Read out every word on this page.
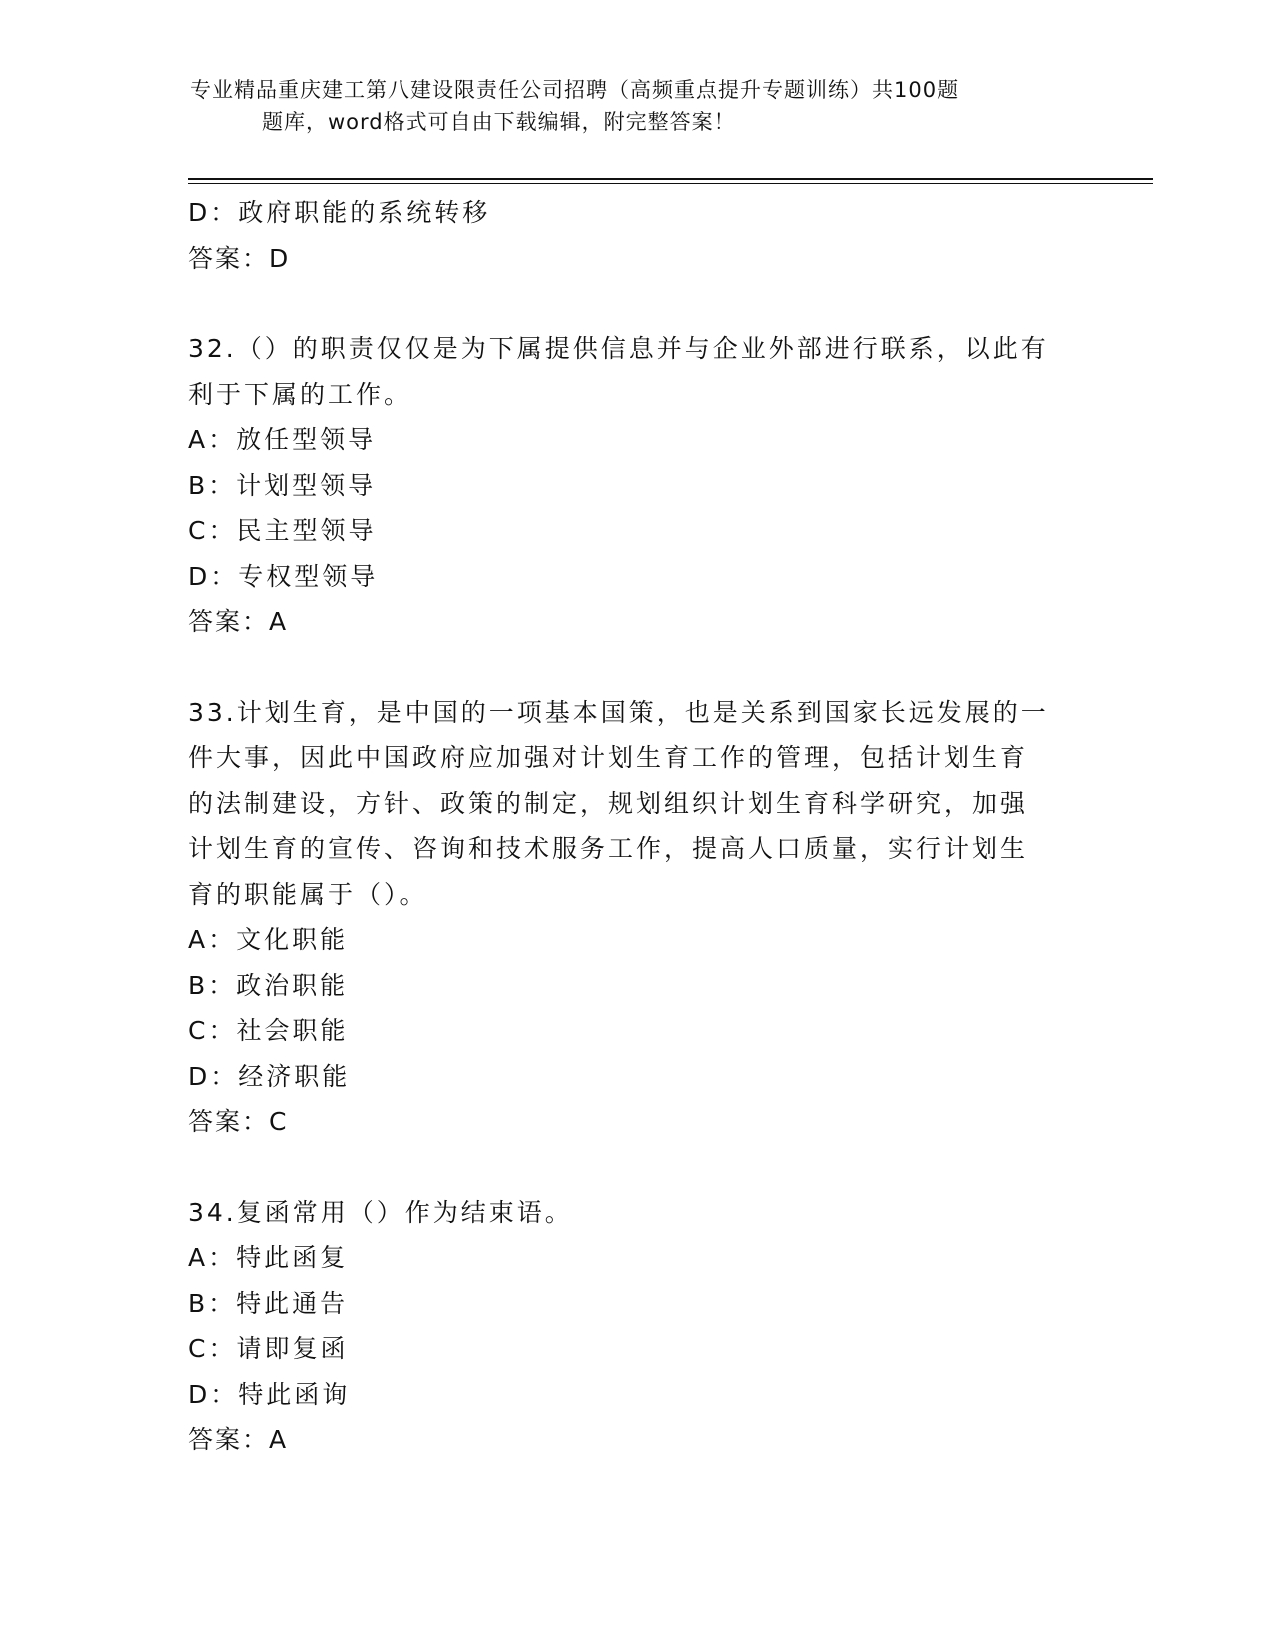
专业精品重庆建工第八建设限责任公司招聘（高频重点提升专题训练）共100题
题库，word格式可自由下载编辑，附完整答案！
D：政府职能的系统转移
答案：D
32.（）的职责仅仅是为下属提供信息并与企业外部进行联系，以此有
利于下属的工作。
A：放任型领导
B：计划型领导
C：民主型领导
D：专权型领导
答案：A
33.计划生育，是中国的一项基本国策，也是关系到国家长远发展的一
件大事，因此中国政府应加强对计划生育工作的管理，包括计划生育
的法制建设，方针、政策的制定，规划组织计划生育科学研究，加强
计划生育的宣传、咨询和技术服务工作，提高人口质量，实行计划生
育的职能属于（）。
A：文化职能
B：政治职能
C：社会职能
D：经济职能
答案：C
34.复函常用（）作为结束语。
A：特此函复
B：特此通告
C：请即复函
D：特此函询
答案：A
